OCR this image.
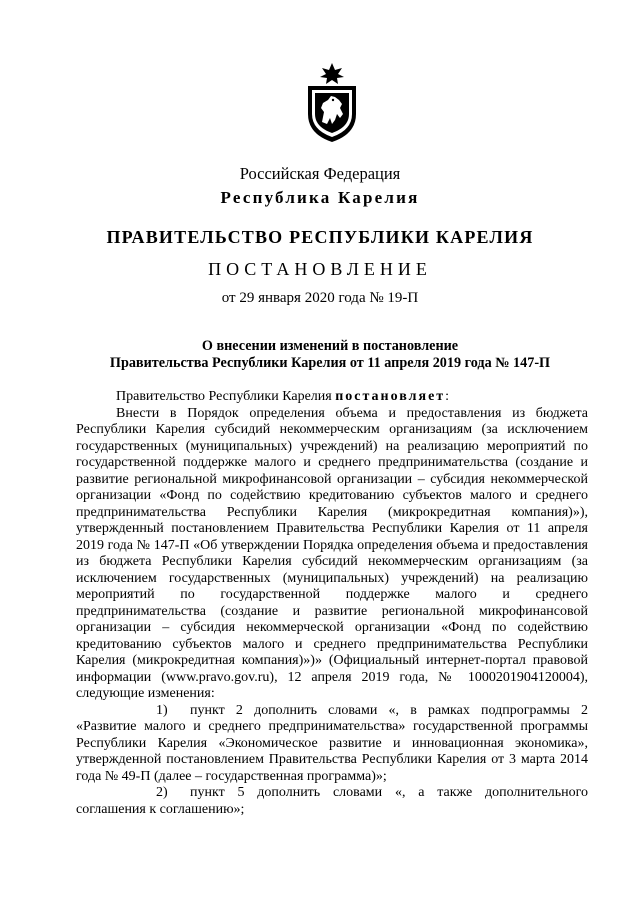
Российская Федерация
Республика Карелия
ПРАВИТЕЛЬСТВО РЕСПУБЛИКИ КАРЕЛИЯ
ПОСТАНОВЛЕНИЕ
от 29 января 2020 года № 19-П
О внесении изменений в постановление
Правительства Республики Карелия от 11 апреля 2019 года № 147-П

Правительство Республики Карелия постановляет:

Внести в Порядок определения объема и предоставления из бюджета Республики Карелия субсидий некоммерческим организациям (за исключением государственных (муниципальных) учреждений) на реализацию мероприятий по государственной поддержке малого и среднего предпринимательства (создание и развитие региональной микрофинансовой организации – субсидия некоммерческой организации «Фонд по содействию кредитованию субъектов малого и среднего предпринимательства Республики Карелия (микрокредитная компания)»), утвержденный постановлением Правительства Республики Карелия от 11 апреля 2019 года № 147-П «Об утверждении Порядка определения объема и предоставления из бюджета Республики Карелия субсидий некоммерческим организациям (за исключением государственных (муниципальных) учреждений) на реализацию мероприятий по государственной поддержке малого и среднего предпринимательства (создание и развитие региональной микрофинансовой организации – субсидия некоммерческой организации «Фонд по содействию кредитованию субъектов малого и среднего предпринимательства Республики Карелия (микрокредитная компания)»)» (Официальный интернет-портал правовой информации (www.pravo.gov.ru), 12 апреля 2019 года, № 1000201904120004), следующие изменения:

1) пункт 2 дополнить словами «, в рамках подпрограммы 2 «Развитие малого и среднего предпринимательства» государственной программы Республики Карелия «Экономическое развитие и инновационная экономика», утвержденной постановлением Правительства Республики Карелия от 3 марта 2014 года № 49-П (далее – государственная программа)»;

2) пункт 5 дополнить словами «, а также дополнительного соглашения к соглашению»;
